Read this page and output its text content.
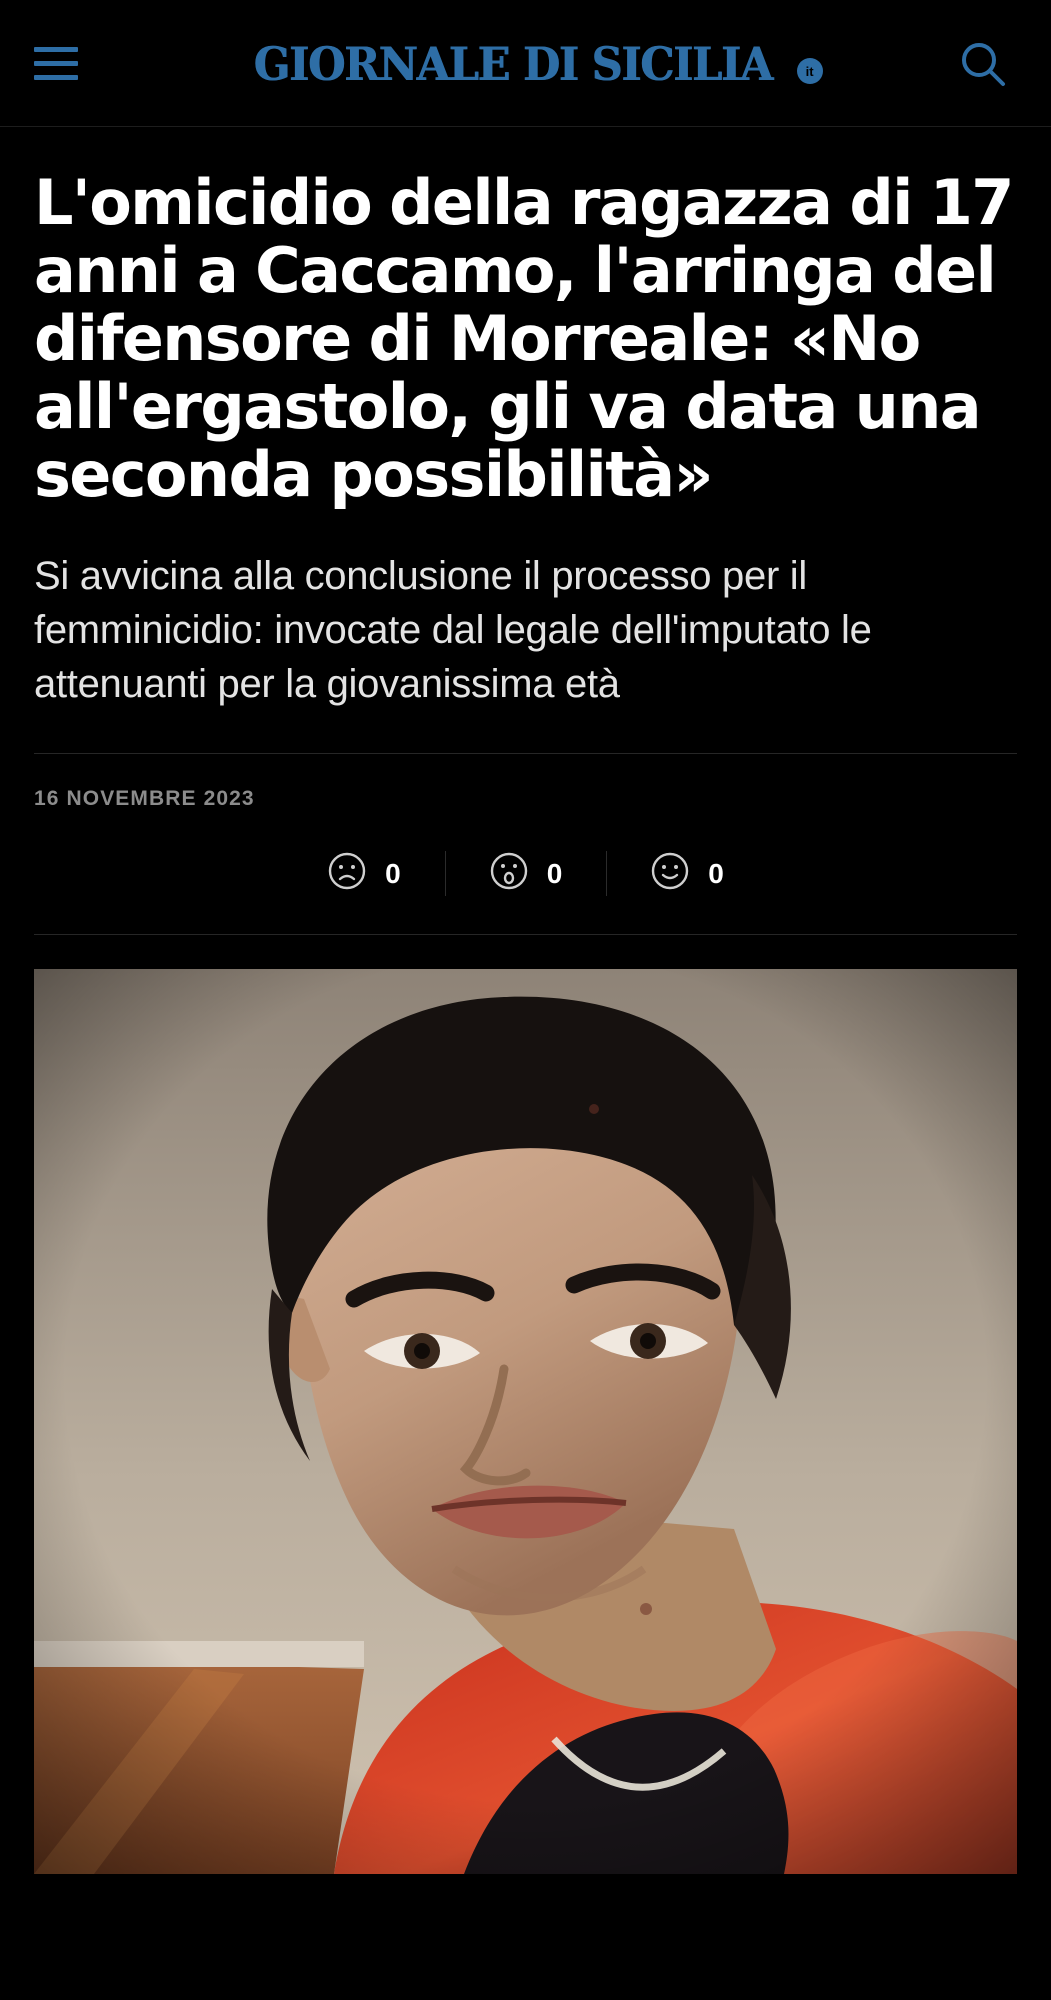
GIORNALE DI SICILIA	it
L'omicidio della ragazza di 17 anni a Caccamo, l'arringa del difensore di Morreale: «No all'ergastolo, gli va data una seconda possibilità»

Si avvicina alla conclusione il processo per il femminicidio: invocate dal legale dell'imputato le attenuanti per la giovanissima età

16 NOVEMBRE 2023
0	0	0
